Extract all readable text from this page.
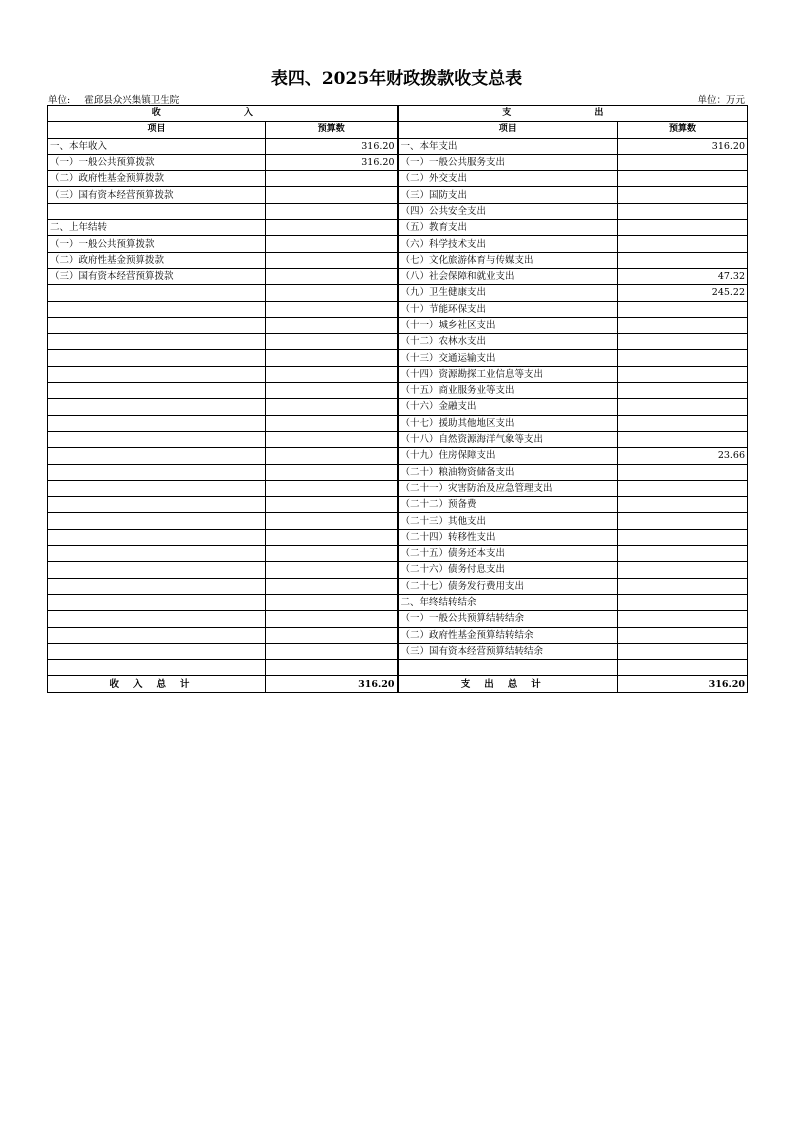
表四、2025年财政拨款收支总表
单位: 霍邱县众兴集镇卫生院	单位：万元
收 入		支 出	
项目	预算数	项目	预算数
一、本年收入	316.20	一、本年支出	316.20
（一）一般公共预算拨款	316.20	（一）一般公共服务支出	
（二）政府性基金预算拨款		（二）外交支出	
（三）国有资本经营预算拨款		（三）国防支出	
		（四）公共安全支出	
二、上年结转		（五）教育支出	
（一）一般公共预算拨款		（六）科学技术支出	
（二）政府性基金预算拨款		（七）文化旅游体育与传媒支出	
（三）国有资本经营预算拨款		（八）社会保障和就业支出	47.32
		（九）卫生健康支出	245.22
		（十）节能环保支出	
		（十一）城乡社区支出	
		（十二）农林水支出	
		（十三）交通运输支出	
		（十四）资源勘探工业信息等支出	
		（十五）商业服务业等支出	
		（十六）金融支出	
		（十七）援助其他地区支出	
		（十八）自然资源海洋气象等支出	
		（十九）住房保障支出	23.66
		（二十）粮油物资储备支出	
		（二十一）灾害防治及应急管理支出	
		（二十二）预备费	
		（二十三）其他支出	
		（二十四）转移性支出	
		（二十五）债务还本支出	
		（二十六）债务付息支出	
		（二十七）债务发行费用支出	
		二、年终结转结余	
		（一）一般公共预算结转结余	
		（二）政府性基金预算结转结余	
		（三）国有资本经营预算结转结余	

收入总计	316.20	支出总计	316.20
